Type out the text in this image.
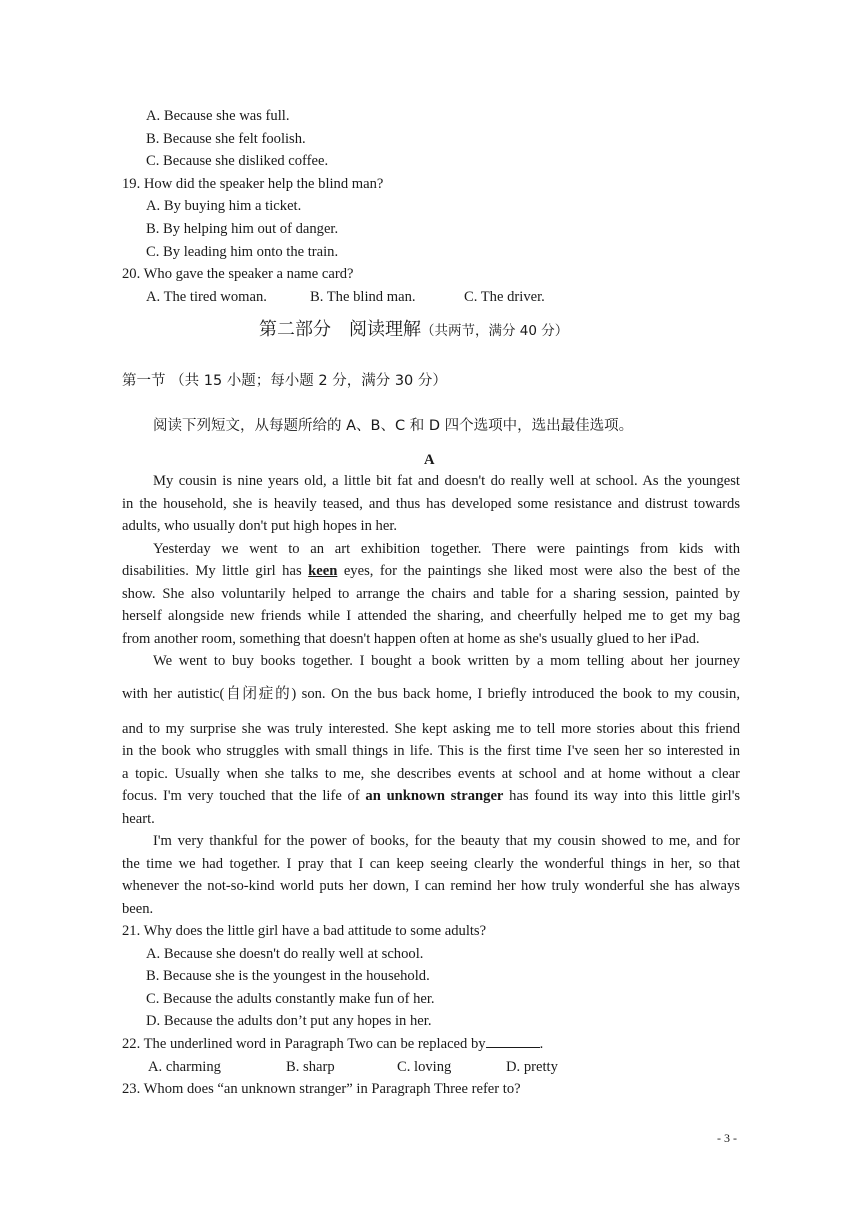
A. Because she was full.
B. Because she felt foolish.
C. Because she disliked coffee.
19. How did the speaker help the blind man?
A. By buying him a ticket.
B. By helping him out of danger.
C. By leading him onto the train.
20. Who gave the speaker a name card?
A. The tired woman.	B. The blind man.	C. The driver.
第二部分　阅读理解（共两节，满分 40 分）
第一节 （共 15 小题；每小题 2 分，满分 30 分）
阅读下列短文，从每题所给的 A、B、C 和 D 四个选项中，选出最佳选项。
A
My cousin is nine years old, a little bit fat and doesn't do really well at school. As the youngest
in the household, she is heavily teased, and thus has developed some resistance and distrust towards
adults, who usually don't put high hopes in her.
Yesterday we went to an art exhibition together. There were paintings from kids with
disabilities. My little girl has keen eyes, for the paintings she liked most were also the best of the
show. She also voluntarily helped to arrange the chairs and table for a sharing session, painted by
herself alongside new friends while I attended the sharing, and cheerfully helped me to get my bag
from another room, something that doesn't happen often at home as she's usually glued to her iPad.
We went to buy books together. I bought a book written by a mom telling about her journey
with her autistic(自闭症的) son. On the bus back home, I briefly introduced the book to my cousin,
and to my surprise she was truly interested. She kept asking me to tell more stories about this friend
in the book who struggles with small things in life. This is the first time I've seen her so interested in
a topic. Usually when she talks to me, she describes events at school and at home without a clear
focus. I'm very touched that the life of an unknown stranger has found its way into this little girl's
heart.
I'm very thankful for the power of books, for the beauty that my cousin showed to me, and for
the time we had together. I pray that I can keep seeing clearly the wonderful things in her, so that
whenever the not-so-kind world puts her down, I can remind her how truly wonderful she has always
been.
21. Why does the little girl have a bad attitude to some adults?
A. Because she doesn't do really well at school.
B. Because she is the youngest in the household.
C. Because the adults constantly make fun of her.
D. Because the adults don’t put any hopes in her.
22. The underlined word in Paragraph Two can be replaced by	.
A. charming	B. sharp	C. loving	D. pretty
23. Whom does “an unknown stranger” in Paragraph Three refer to?
- 3 -
